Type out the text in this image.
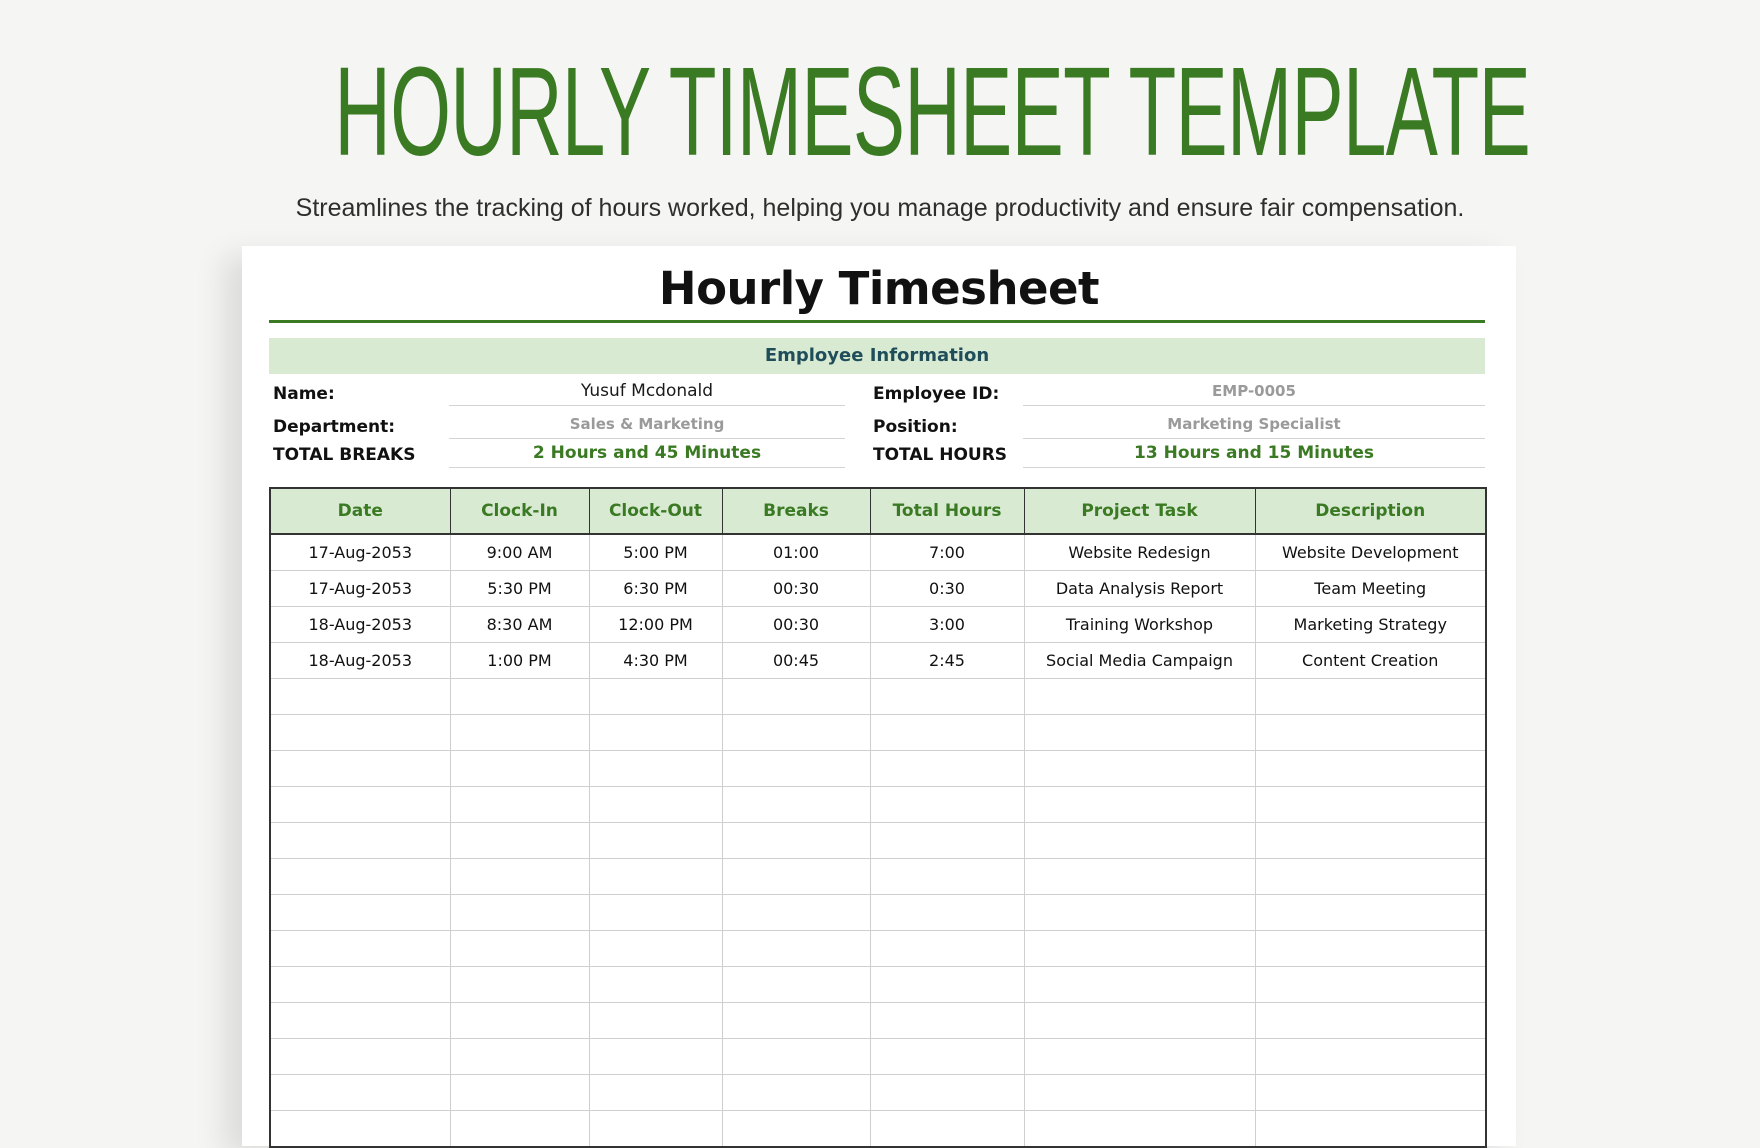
HOURLY TIMESHEET TEMPLATE
Streamlines the tracking of hours worked, helping you manage productivity and ensure fair compensation.
Hourly Timesheet
Employee Information
Name:	Yusuf Mcdonald	Employee ID:	EMP-0005
Department:	Sales & Marketing	Position:	Marketing Specialist
TOTAL BREAKS	2 Hours and 45 Minutes	TOTAL HOURS	13 Hours and 15 Minutes
Date	Clock-In	Clock-Out	Breaks	Total Hours	Project Task	Description
17-Aug-2053	9:00 AM	5:00 PM	01:00	7:00	Website Redesign	Website Development
17-Aug-2053	5:30 PM	6:30 PM	00:30	0:30	Data Analysis Report	Team Meeting
18-Aug-2053	8:30 AM	12:00 PM	00:30	3:00	Training Workshop	Marketing Strategy
18-Aug-2053	1:00 PM	4:30 PM	00:45	2:45	Social Media Campaign	Content Creation
